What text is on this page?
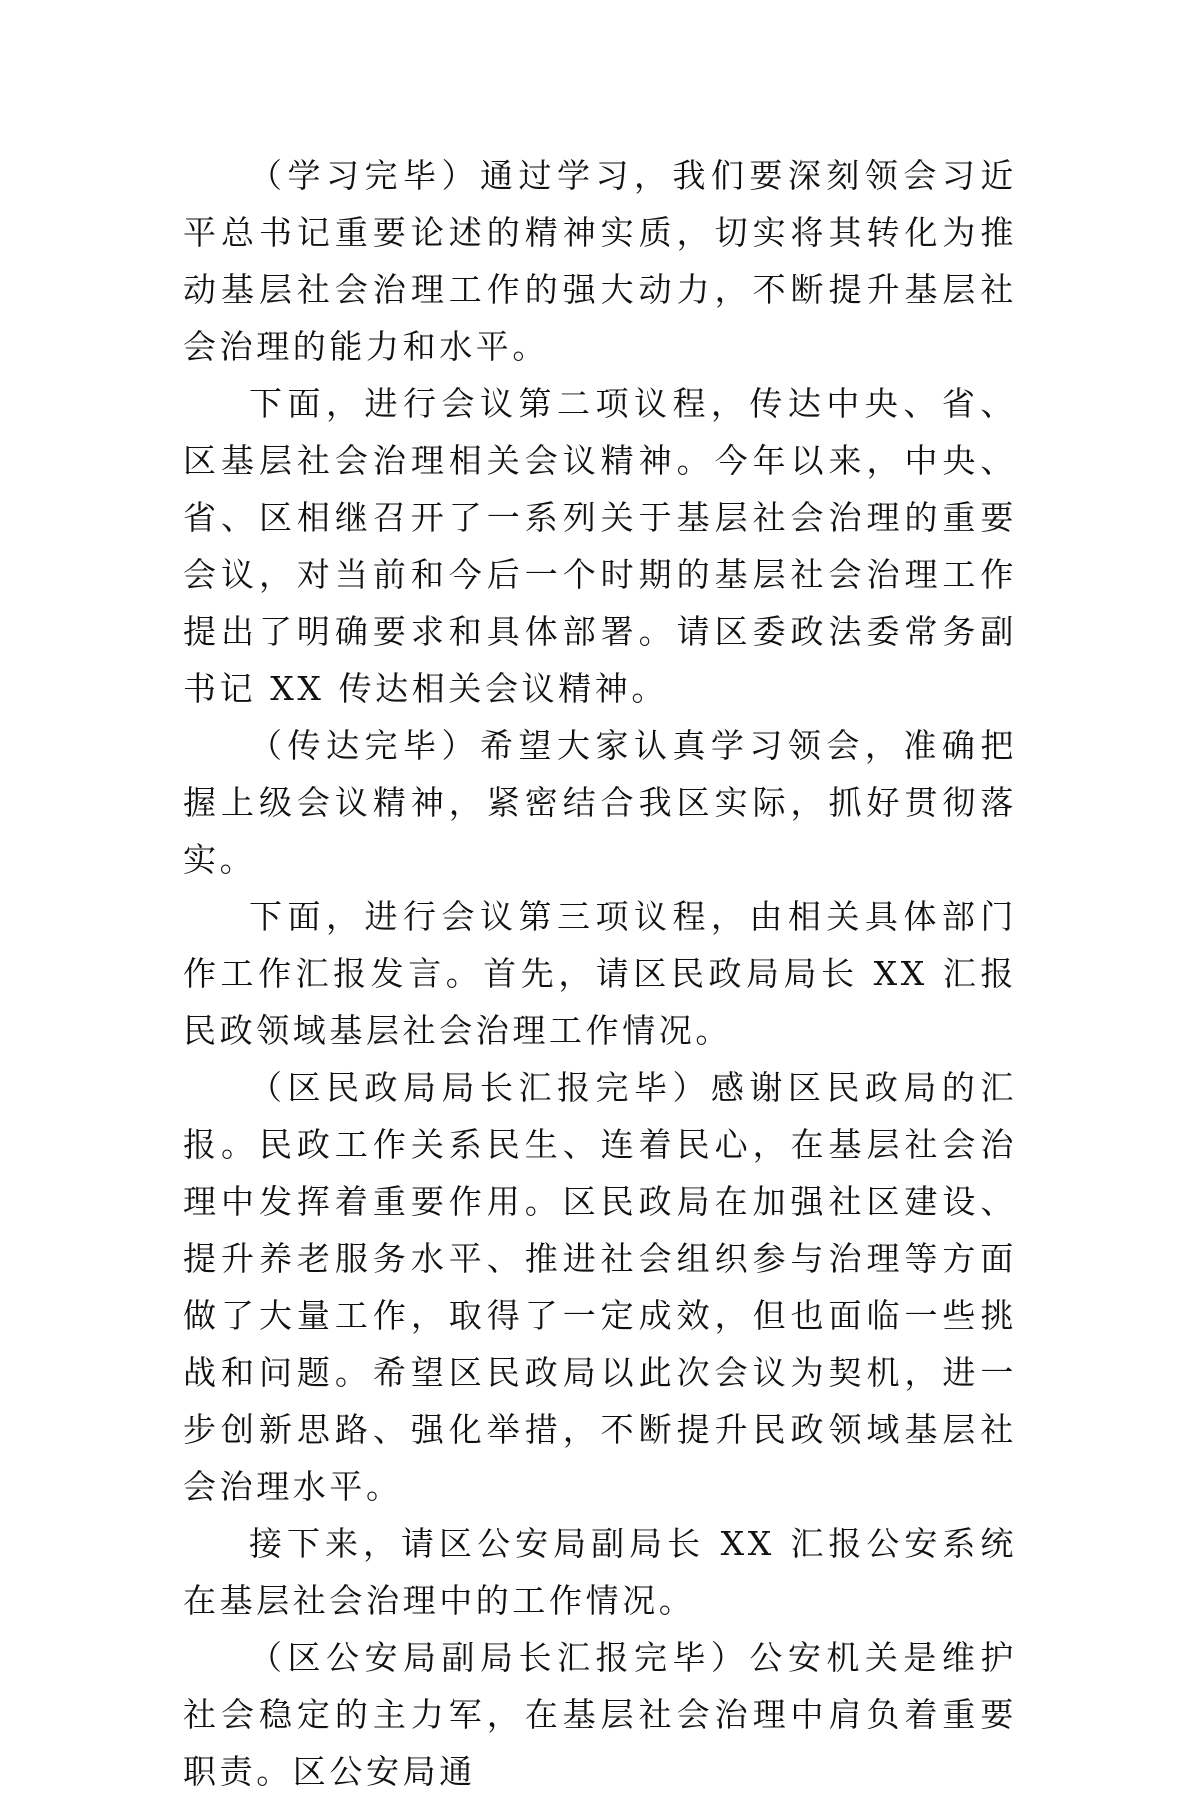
（学习完毕）通过学习，我们要深刻领会习近平总书记重要论述的精神实质，切实将其转化为推动基层社会治理工作的强大动力，不断提升基层社会治理的能力和水平。

下面，进行会议第二项议程，传达中央、省、区基层社会治理相关会议精神。今年以来，中央、省、区相继召开了一系列关于基层社会治理的重要会议，对当前和今后一个时期的基层社会治理工作提出了明确要求和具体部署。请区委政法委常务副书记 XX 传达相关会议精神。

（传达完毕）希望大家认真学习领会，准确把握上级会议精神，紧密结合我区实际，抓好贯彻落实。

下面，进行会议第三项议程，由相关具体部门作工作汇报发言。首先，请区民政局局长 XX 汇报民政领域基层社会治理工作情况。

（区民政局局长汇报完毕）感谢区民政局的汇报。民政工作关系民生、连着民心，在基层社会治理中发挥着重要作用。区民政局在加强社区建设、提升养老服务水平、推进社会组织参与治理等方面做了大量工作，取得了一定成效，但也面临一些挑战和问题。希望区民政局以此次会议为契机，进一步创新思路、强化举措，不断提升民政领域基层社会治理水平。

接下来，请区公安局副局长 XX 汇报公安系统在基层社会治理中的工作情况。

（区公安局副局长汇报完毕）公安机关是维护社会稳定的主力军，在基层社会治理中肩负着重要职责。区公安局通
